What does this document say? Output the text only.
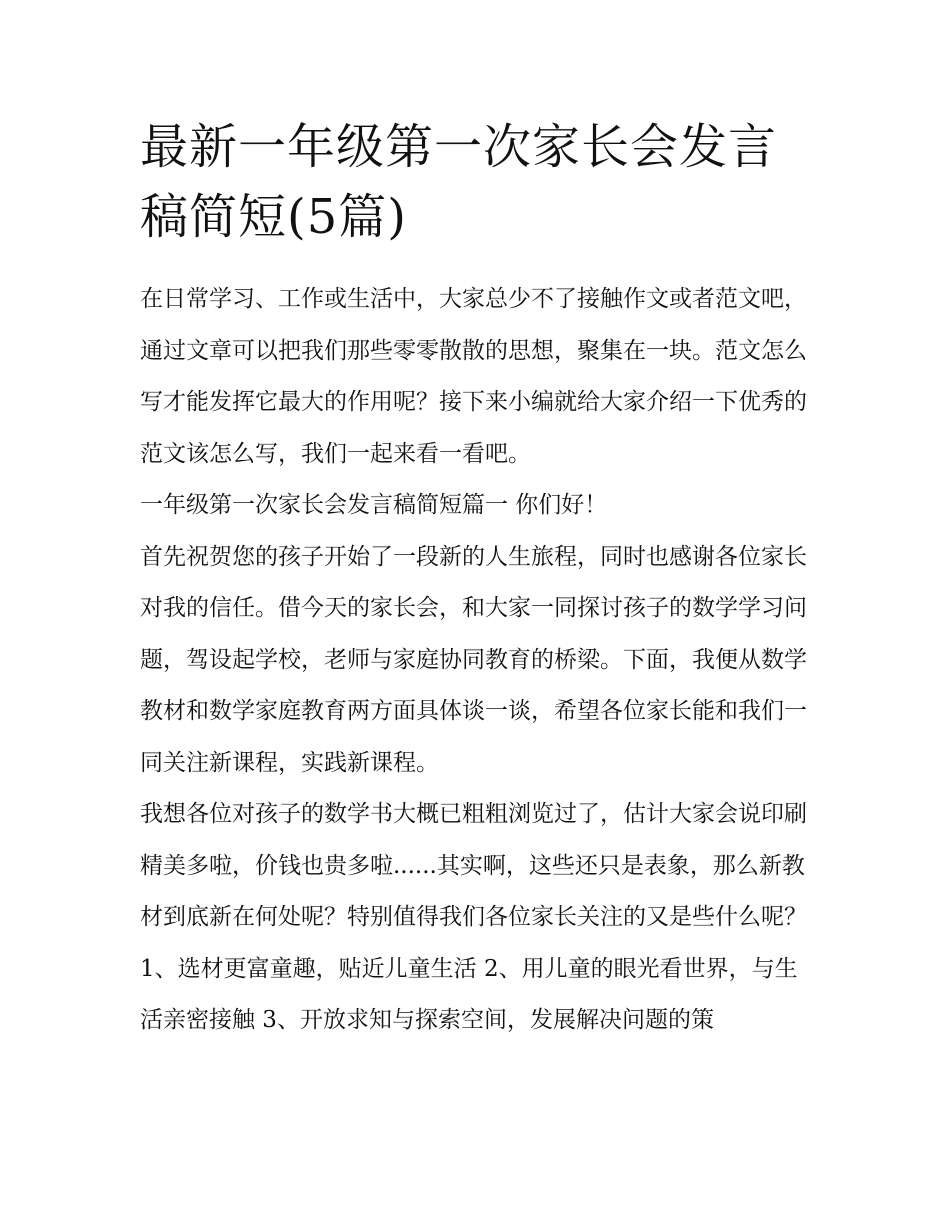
最新一年级第一次家长会发言稿简短(5篇)

在日常学习、工作或生活中，大家总少不了接触作文或者范文吧，通过文章可以把我们那些零零散散的思想，聚集在一块。范文怎么写才能发挥它最大的作用呢？接下来小编就给大家介绍一下优秀的范文该怎么写，我们一起来看一看吧。

一年级第一次家长会发言稿简短篇一 你们好！

首先祝贺您的孩子开始了一段新的人生旅程，同时也感谢各位家长对我的信任。借今天的家长会，和大家一同探讨孩子的数学学习问题，驾设起学校，老师与家庭协同教育的桥梁。下面，我便从数学教材和数学家庭教育两方面具体谈一谈，希望各位家长能和我们一同关注新课程，实践新课程。

我想各位对孩子的数学书大概已粗粗浏览过了，估计大家会说印刷精美多啦，价钱也贵多啦......其实啊，这些还只是表象，那么新教材到底新在何处呢？特别值得我们各位家长关注的又是些什么呢？

1、选材更富童趣，贴近儿童生活 2、用儿童的眼光看世界，与生活亲密接触 3、开放求知与探索空间，发展解决问题的策
